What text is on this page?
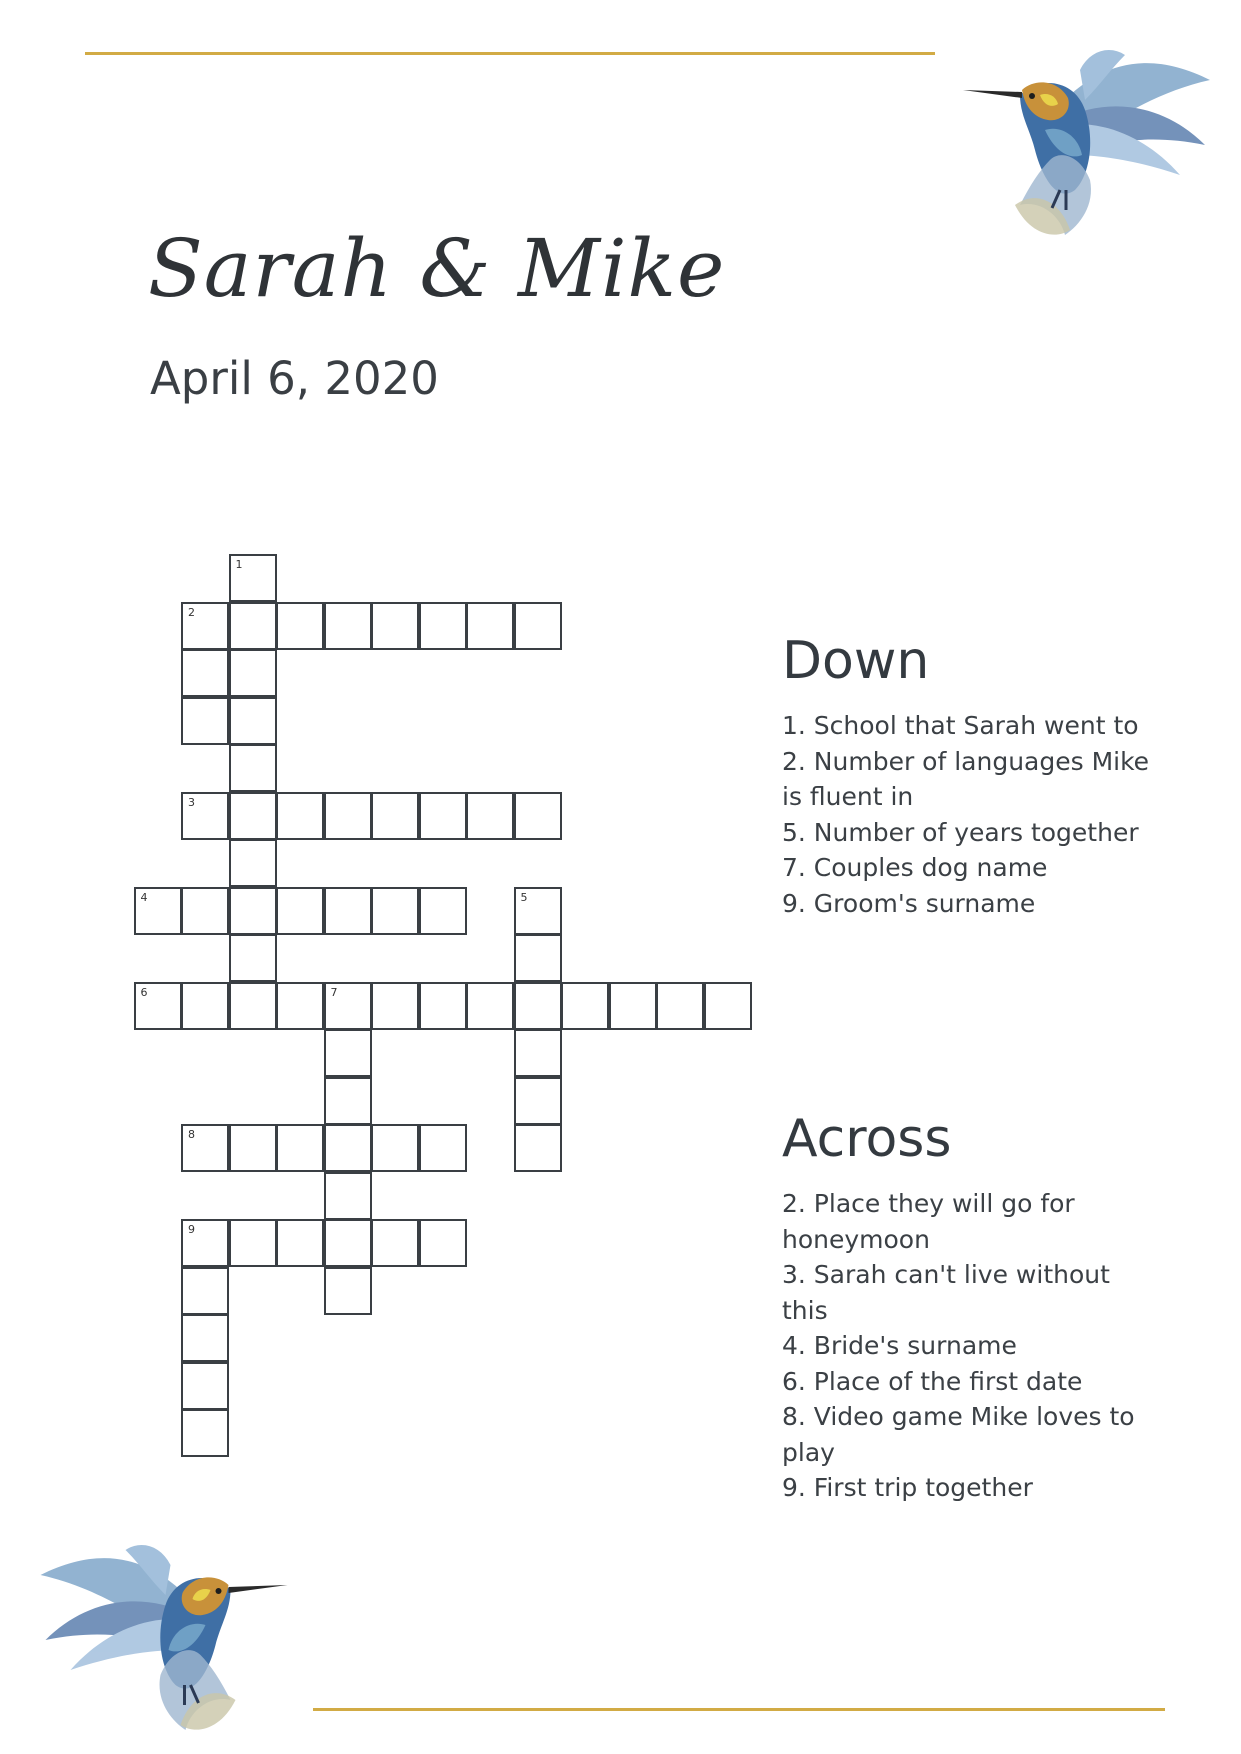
Sarah & Mike
April 6, 2020
1
2
3
4	5
6	7
8
9
Down
1. School that Sarah went to
2. Number of languages Mike is fluent in
5. Number of years together
7. Couples dog name
9. Groom's surname
Across
2. Place they will go for honeymoon
3. Sarah can't live without this
4. Bride's surname
6. Place of the first date
8. Video game Mike loves to play
9. First trip together
